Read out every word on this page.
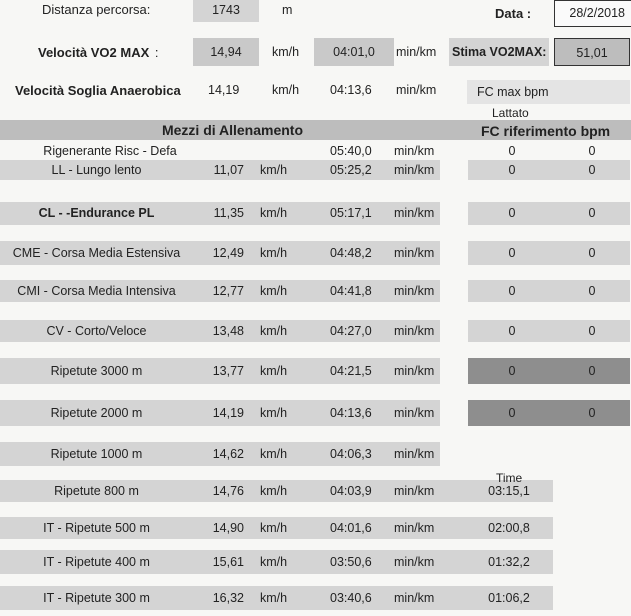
Distanza percorsa:	1743	m	Data :	28/2/2018
Velocità VO2 MAX :	14,94	km/h	04:01,0	min/km Stima VO2MAX:	51,01
Velocità Soglia Anaerobica 14,19	km/h 04:13,6 min/km	FC max bpm
Lattato
Mezzi di Allenamento	FC riferimento bpm
Rigenerante Risc - Defa	05:40,0 min/km	0	0
LL - Lungo lento	11,07 km/h	05:25,2 min/km	0	0
CL - -Endurance PL	11,35 km/h	05:17,1 min/km	0	0
CME - Corsa Media Estensiva	12,49 km/h	04:48,2 min/km	0	0
CMI - Corsa Media Intensiva	12,77 km/h	04:41,8 min/km	0	0
CV - Corto/Veloce	13,48 km/h	04:27,0 min/km	0	0
Ripetute 3000 m	13,77 km/h	04:21,5 min/km	0	0
Ripetute 2000 m	14,19 km/h	04:13,6 min/km	0	0
Ripetute 1000 m	14,62 km/h	04:06,3 min/km
Ripetute 800 m	14,76 km/h	04:03,9 min/km	03:15,1
IT - Ripetute 500 m	14,90 km/h	04:01,6 min/km	02:00,8
IT - Ripetute 400 m	15,61 km/h	03:50,6 min/km	01:32,2
IT - Ripetute 300 m	16,32 km/h	03:40,6 min/km	01:06,2
Time
